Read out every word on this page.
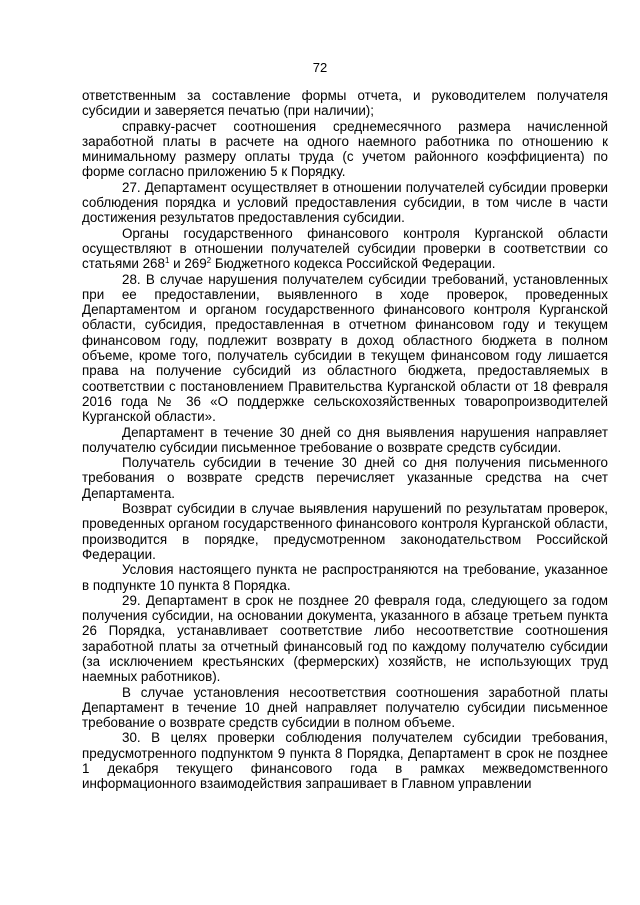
72

ответственным за составление формы отчета, и руководителем получателя субсидии и заверяется печатью (при наличии);

справку-расчет соотношения среднемесячного размера начисленной заработной платы в расчете на одного наемного работника по отношению к минимальному размеру оплаты труда (с учетом районного коэффициента) по форме согласно приложению 5 к Порядку.

27. Департамент осуществляет в отношении получателей субсидии проверки соблюдения порядка и условий предоставления субсидии, в том числе в части достижения результатов предоставления субсидии.

Органы государственного финансового контроля Курганской области осуществляют в отношении получателей субсидии проверки в соответствии со статьями $268^1$ и $269^2$ Бюджетного кодекса Российской Федерации.

28. В случае нарушения получателем субсидии требований, установленных при ее предоставлении, выявленного в ходе проверок, проведенных Департаментом и органом государственного финансового контроля Курганской области, субсидия, предоставленная в отчетном финансовом году и текущем финансовом году, подлежит возврату в доход областного бюджета в полном объеме, кроме того, получатель субсидии в текущем финансовом году лишается права на получение субсидий из областного бюджета, предоставляемых в соответствии с постановлением Правительства Курганской области от 18 февраля 2016 года № 36 «О поддержке сельскохозяйственных товаропроизводителей Курганской области».

Департамент в течение 30 дней со дня выявления нарушения направляет получателю субсидии письменное требование о возврате средств субсидии.

Получатель субсидии в течение 30 дней со дня получения письменного требования о возврате средств перечисляет указанные средства на счет Департамента.

Возврат субсидии в случае выявления нарушений по результатам проверок, проведенных органом государственного финансового контроля Курганской области, производится в порядке, предусмотренном законодательством Российской Федерации.

Условия настоящего пункта не распространяются на требование, указанное в подпункте 10 пункта 8 Порядка.

29. Департамент в срок не позднее 20 февраля года, следующего за годом получения субсидии, на основании документа, указанного в абзаце третьем пункта 26 Порядка, устанавливает соответствие либо несоответствие соотношения заработной платы за отчетный финансовый год по каждому получателю субсидии (за исключением крестьянских (фермерских) хозяйств, не использующих труд наемных работников).

В случае установления несоответствия соотношения заработной платы Департамент в течение 10 дней направляет получателю субсидии письменное требование о возврате средств субсидии в полном объеме.

30. В целях проверки соблюдения получателем субсидии требования, предусмотренного подпунктом 9 пункта 8 Порядка, Департамент в срок не позднее 1 декабря текущего финансового года в рамках межведомственного информационного взаимодействия запрашивает в Главном управлении
